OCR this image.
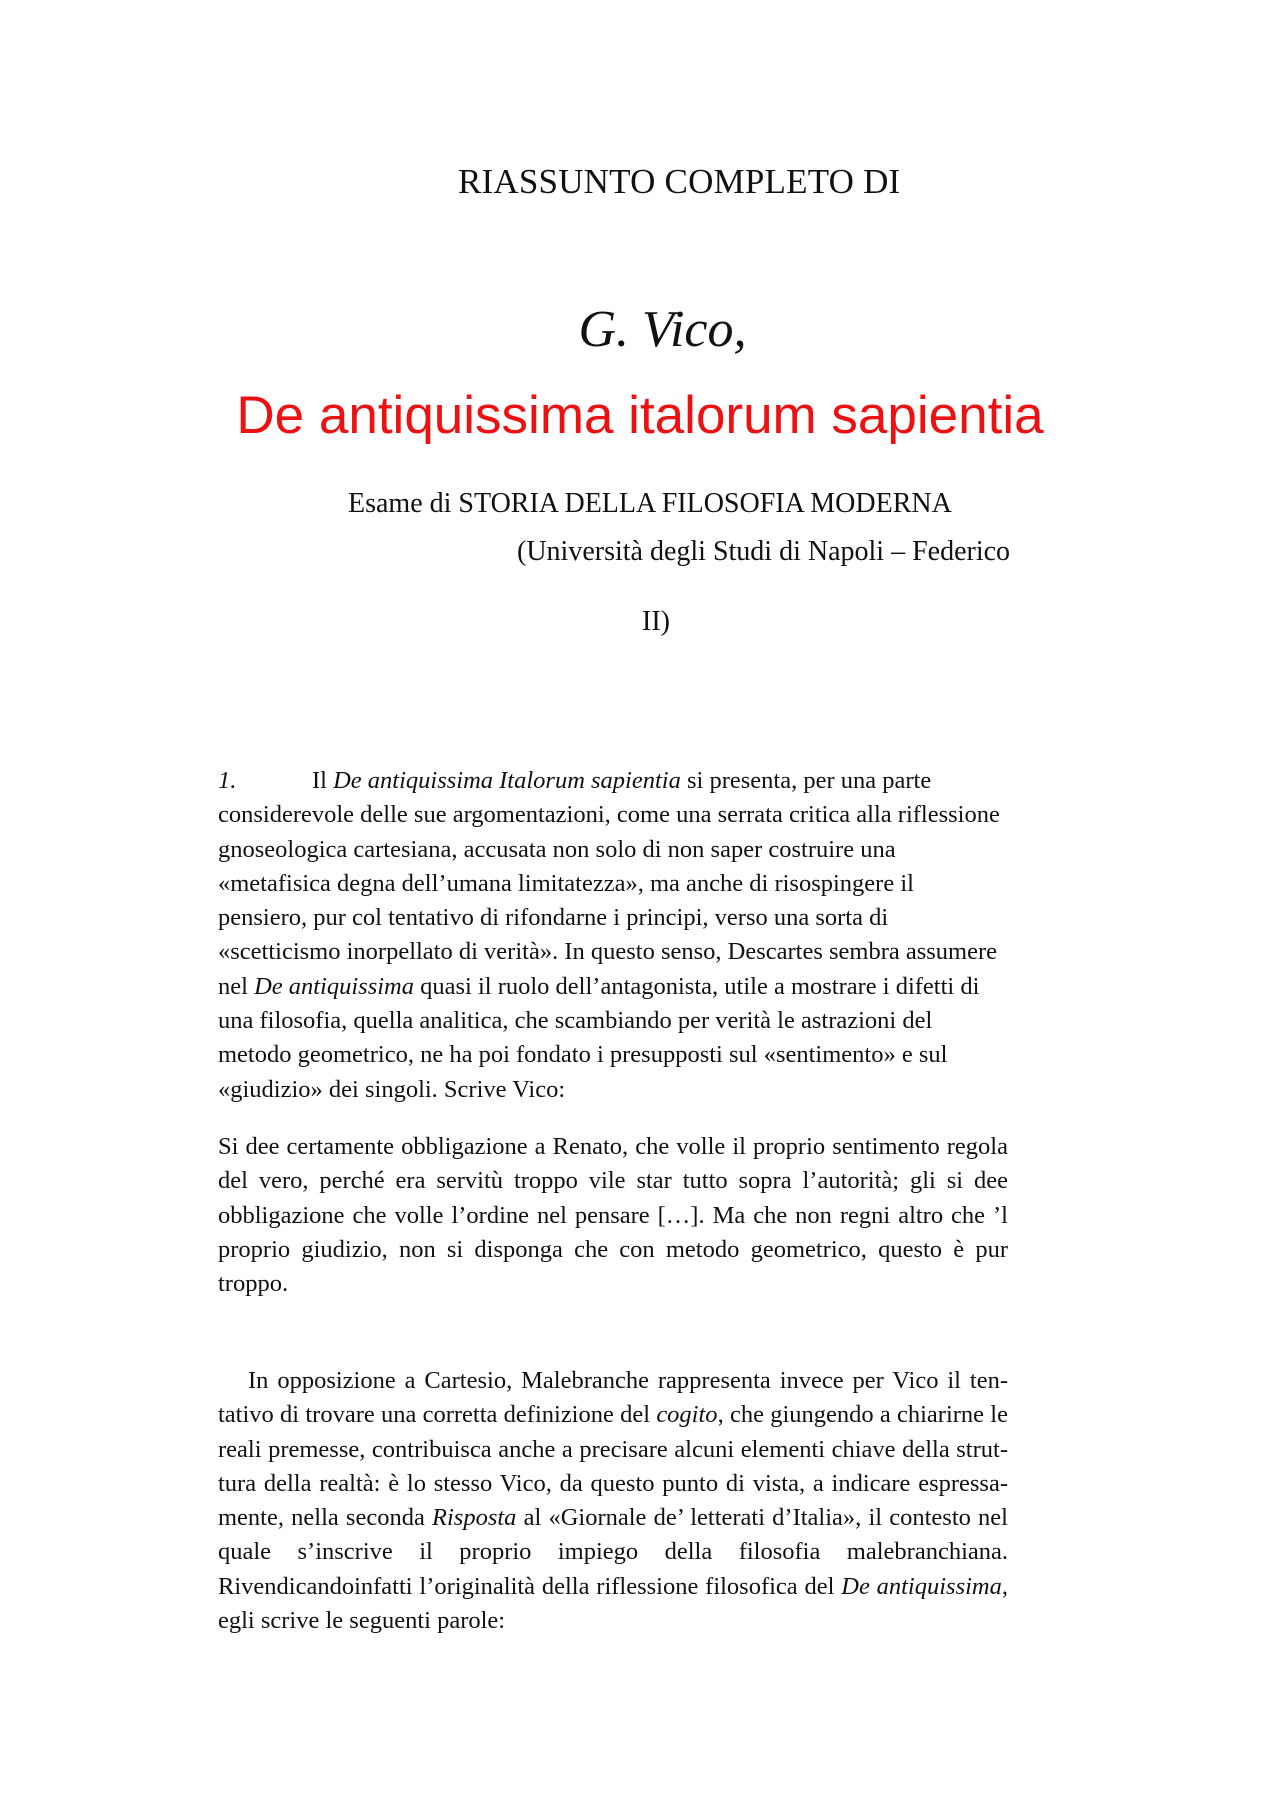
RIASSUNTO COMPLETO DI
G. Vico,
De antiquissima italorum sapientia
Esame di STORIA DELLA FILOSOFIA MODERNA
(Università degli Studi di Napoli – Federico
II)
1.	Il De antiquissima Italorum sapientia si presenta, per una parte considerevole delle sue argomentazioni, come una serrata critica alla riflessione gnoseologica cartesiana, accusata non solo di non saper costruire una «metafisica degna dell’umana limitatezza», ma anche di risospingere il pensiero, pur col tentativo di rifondarne i principi, verso una sorta di «scetticismo inorpellato di verità». In questo senso, Descartes sembra assumere nel De antiquissima quasi il ruolo dell’antagonista, utile a mostrare i difetti di una filosofia, quella analitica, che scambiando per verità le astrazioni del metodo geometrico, ne ha poi fondato i presupposti sul «sentimento» e sul «giudizio» dei singoli. Scrive Vico:
Si dee certamente obbligazione a Renato, che volle il proprio sentimento regola del vero, perché era servitù troppo vile star tutto sopra l’autorità; gli si dee obbligazione che volle l’ordine nel pensare […]. Ma che non regni altro che ’l proprio giudizio, non si disponga che con metodo geometrico, questo è pur troppo.
In opposizione a Cartesio, Malebranche rappresenta invece per Vico il ten- tativo di trovare una corretta definizione del cogito, che giungendo a chiarirne le reali premesse, contribuisca anche a precisare alcuni elementi chiave della strut- tura della realtà: è lo stesso Vico, da questo punto di vista, a indicare espressa- mente, nella seconda Risposta al «Giornale de’ letterati d’Italia», il contesto nel quale s’inscrive il proprio impiego della filosofia malebranchiana. Rivendicandoinfatti l’originalità della riflessione filosofica del De antiquissima, egli scrive le seguenti parole:
